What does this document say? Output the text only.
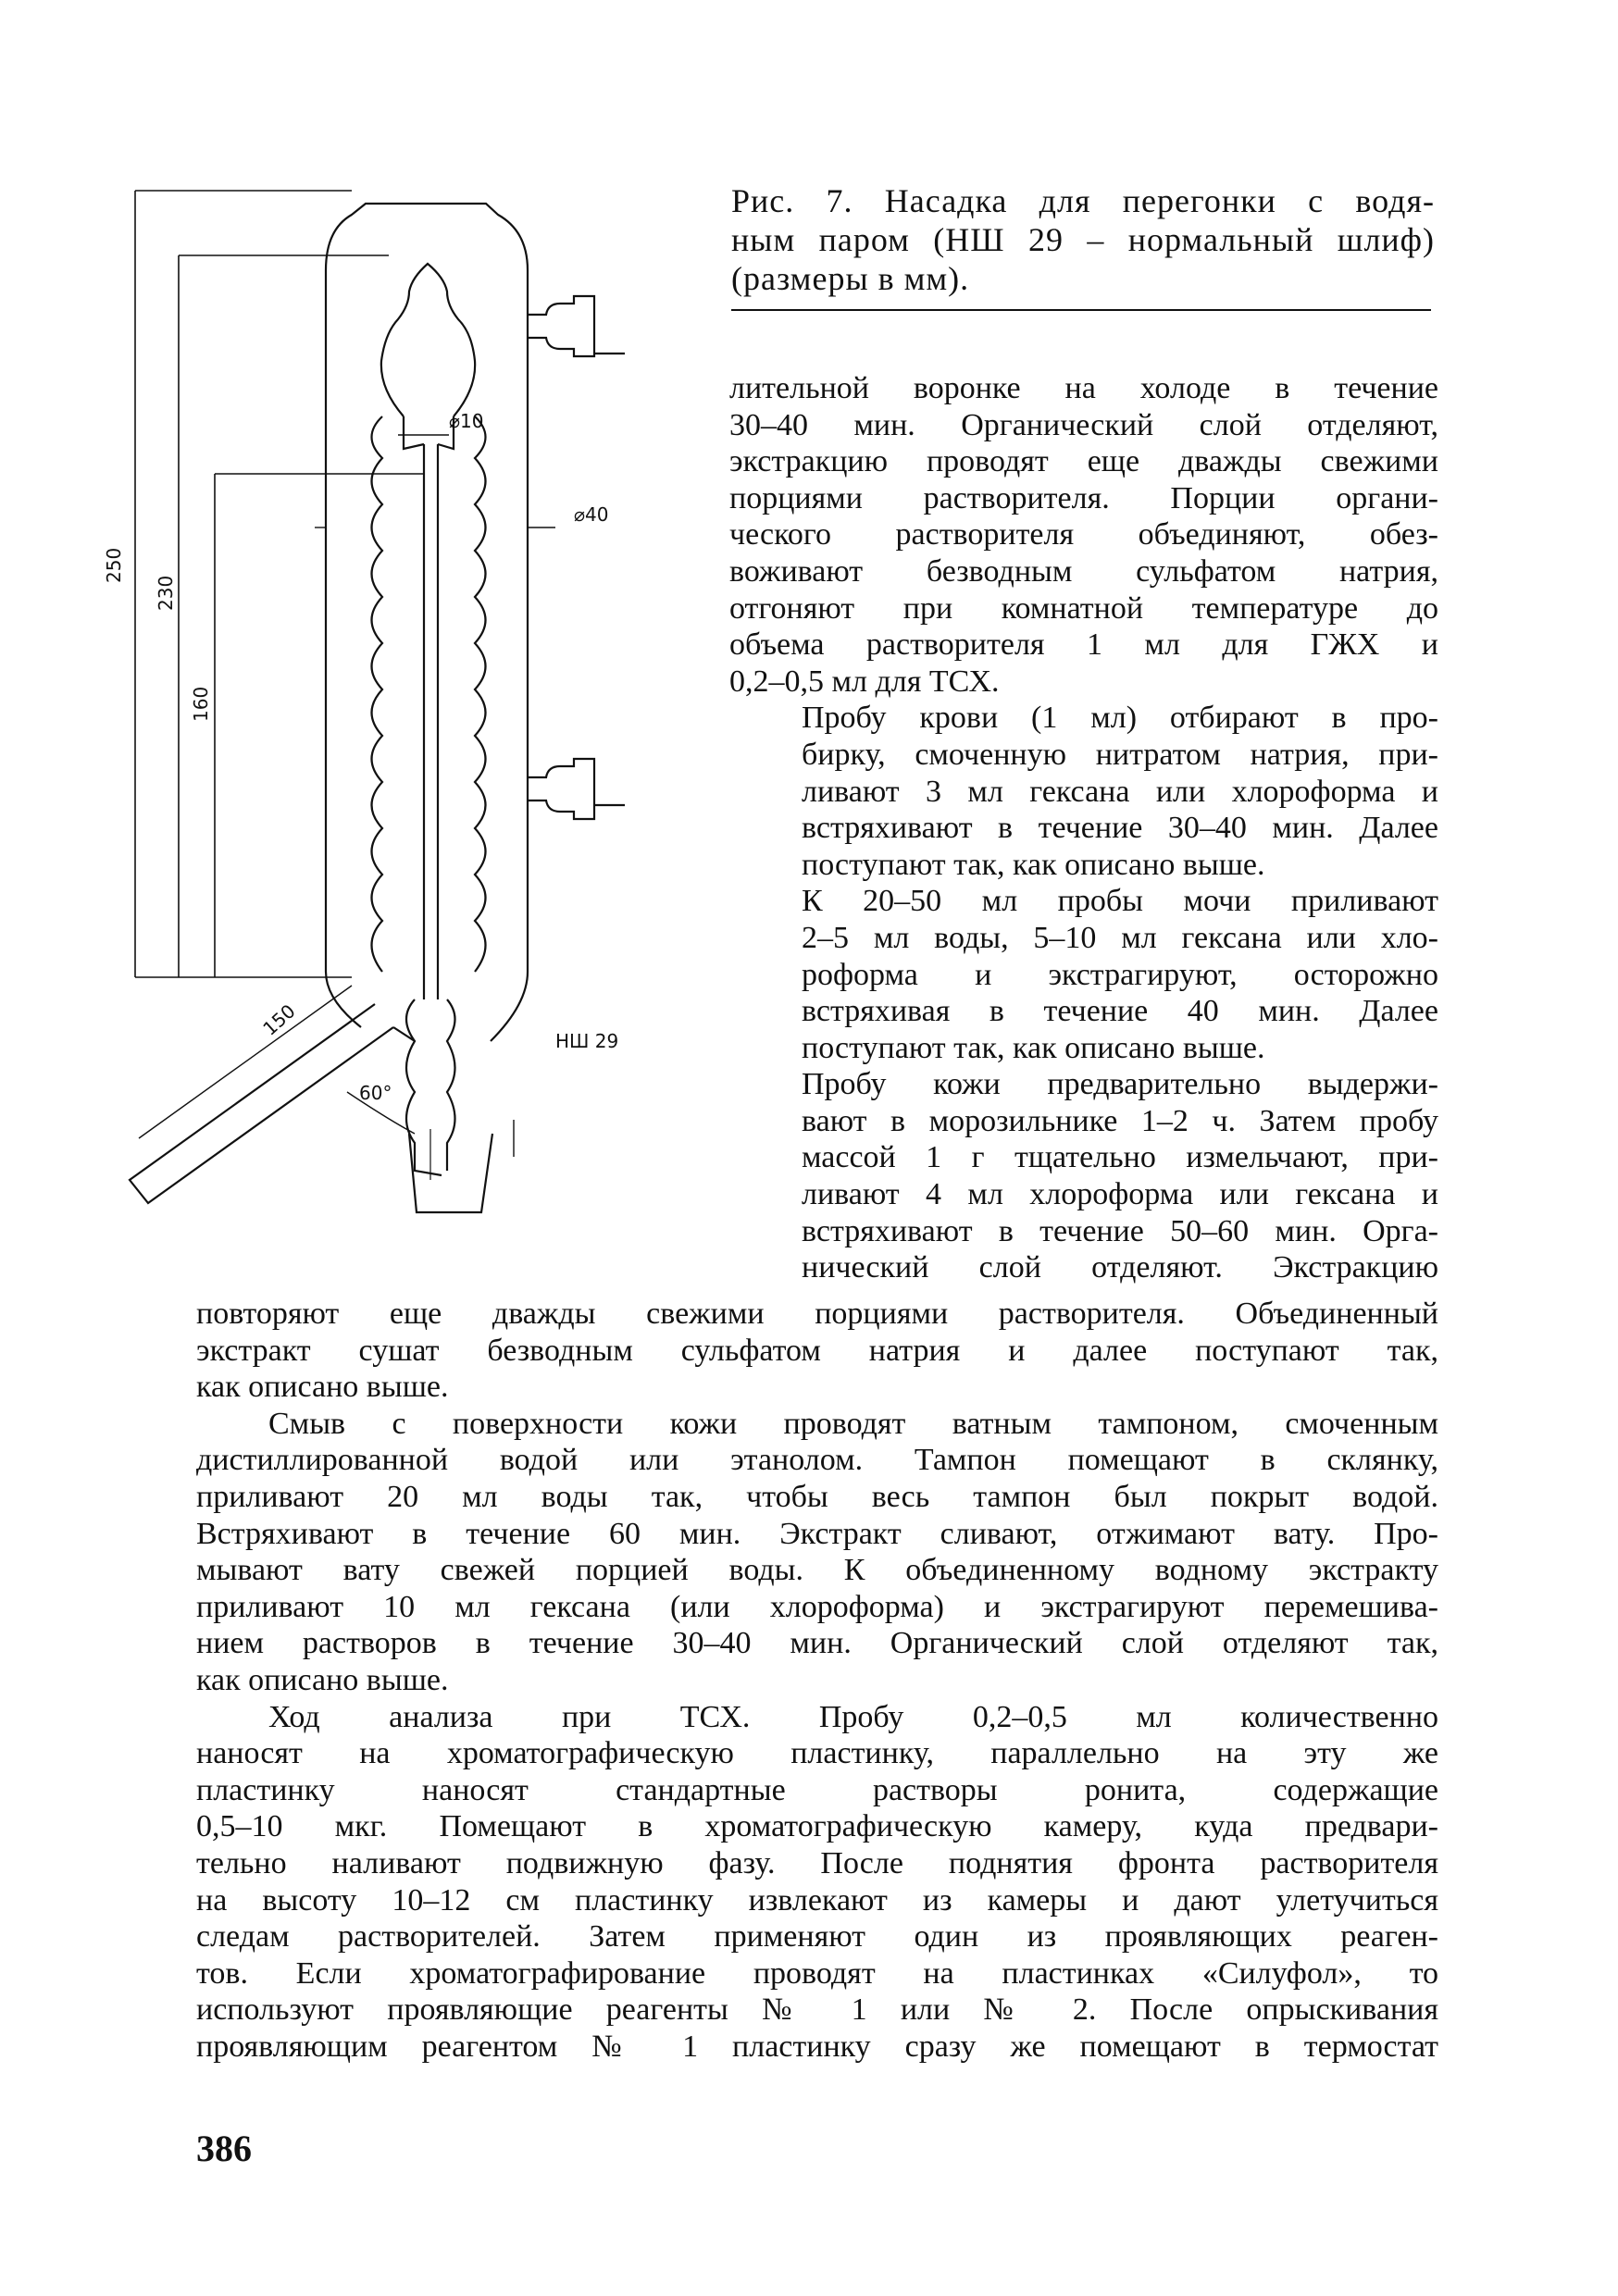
⌀10
⌀40
250
230
160
150
60°
НШ 29
Рис. 7. Насадка для перегонки с водя-
ным паром (НШ 29 – нормальный шлиф)
(размеры в мм).

лительной воронке на холоде в течение
30–40 мин. Органический слой отделяют,
экстракцию проводят еще дважды свежими
порциями растворителя. Порции органи-
ческого растворителя объединяют, обез-
воживают безводным сульфатом натрия,
отгоняют при комнатной температуре до
объема растворителя 1 мл для ГЖХ и
0,2–0,5 мл для ТСХ.

Пробу крови (1 мл) отбирают в про-
бирку, смоченную нитратом натрия, при-
ливают 3 мл гексана или хлороформа и
встряхивают в течение 30–40 мин. Далее
поступают так, как описано выше.

К 20–50 мл пробы мочи приливают
2–5 мл воды, 5–10 мл гексана или хло-
роформа и экстрагируют, осторожно
встряхивая в течение 40 мин. Далее
поступают так, как описано выше.

Пробу кожи предварительно выдержи-
вают в морозильнике 1–2 ч. Затем пробу
массой 1 г тщательно измельчают, при-
ливают 4 мл хлороформа или гексана и
встряхивают в течение 50–60 мин. Орга-
нический слой отделяют. Экстракцию

повторяют еще дважды свежими порциями растворителя. Объединенный
экстракт сушат безводным сульфатом натрия и далее поступают так,
как описано выше.

Смыв с поверхности кожи проводят ватным тампоном, смоченным
дистиллированной водой или этанолом. Тампон помещают в склянку,
приливают 20 мл воды так, чтобы весь тампон был покрыт водой.
Встряхивают в течение 60 мин. Экстракт сливают, отжимают вату. Про-
мывают вату свежей порцией воды. К объединенному водному экстракту
приливают 10 мл гексана (или хлороформа) и экстрагируют перемешива-
нием растворов в течение 30–40 мин. Органический слой отделяют так,
как описано выше.

Ход анализа при ТСХ. Пробу 0,2–0,5 мл количественно
наносят на хроматографическую пластинку, параллельно на эту же
пластинку наносят стандартные растворы ронита, содержащие
0,5–10 мкг. Помещают в хроматографическую камеру, куда предвари-
тельно наливают подвижную фазу. После поднятия фронта растворителя
на высоту 10–12 см пластинку извлекают из камеры и дают улетучиться
следам растворителей. Затем применяют один из проявляющих реаген-
тов. Если хроматографирование проводят на пластинках «Силуфол», то
используют проявляющие реагенты № 1 или № 2. После опрыскивания
проявляющим реагентом № 1 пластинку сразу же помещают в термостат

386
